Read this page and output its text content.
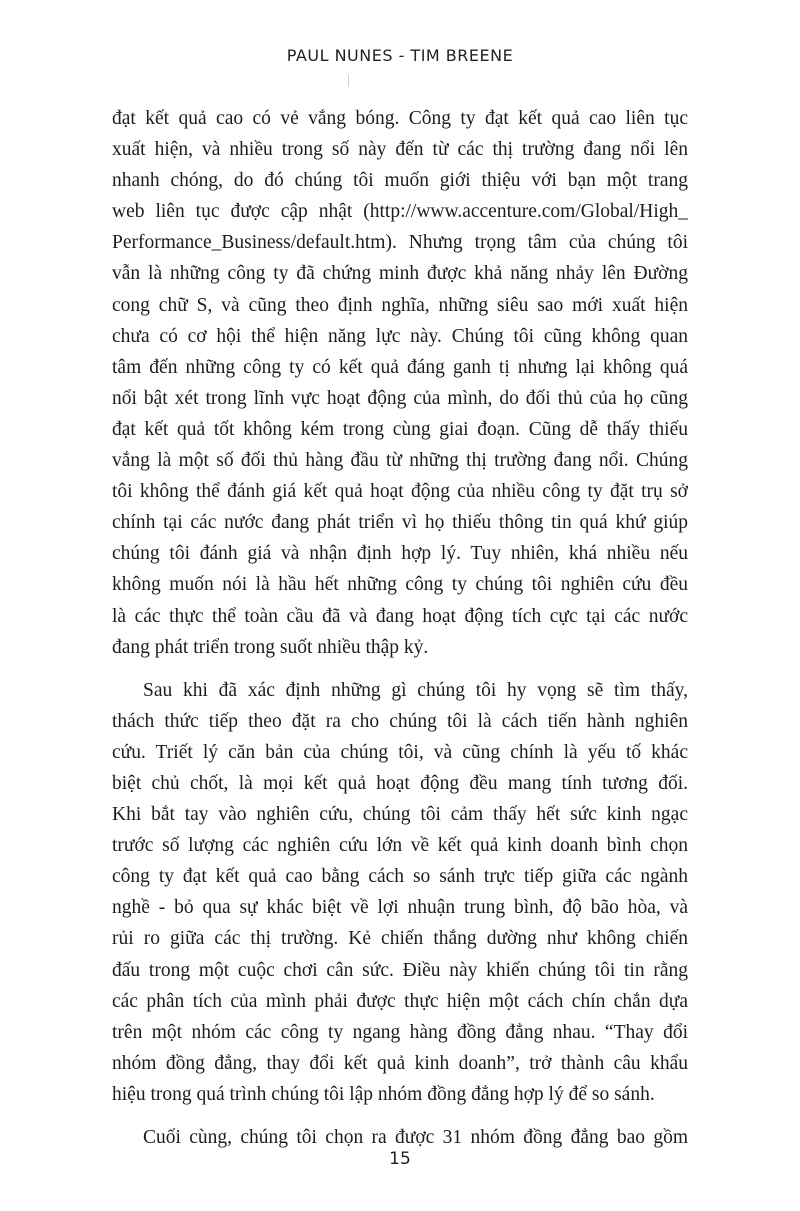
PAUL NUNES - TIM BREENE
đạt kết quả cao có vẻ vắng bóng. Công ty đạt kết quả cao liên tục
xuất hiện, và nhiều trong số này đến từ các thị trường đang nổi lên
nhanh chóng, do đó chúng tôi muốn giới thiệu với bạn một trang
web liên tục được cập nhật (http://www.accenture.com/Global/High_
Performance_Business/default.htm). Nhưng trọng tâm của chúng tôi
vẫn là những công ty đã chứng minh được khả năng nhảy lên Đường
cong chữ S, và cũng theo định nghĩa, những siêu sao mới xuất hiện
chưa có cơ hội thể hiện năng lực này. Chúng tôi cũng không quan
tâm đến những công ty có kết quả đáng ganh tị nhưng lại không quá
nổi bật xét trong lĩnh vực hoạt động của mình, do đối thủ của họ cũng
đạt kết quả tốt không kém trong cùng giai đoạn. Cũng dễ thấy thiếu
vắng là một số đối thủ hàng đầu từ những thị trường đang nổi. Chúng
tôi không thể đánh giá kết quả hoạt động của nhiều công ty đặt trụ sở
chính tại các nước đang phát triển vì họ thiếu thông tin quá khứ giúp
chúng tôi đánh giá và nhận định hợp lý. Tuy nhiên, khá nhiều nếu
không muốn nói là hầu hết những công ty chúng tôi nghiên cứu đều
là các thực thể toàn cầu đã và đang hoạt động tích cực tại các nước
đang phát triển trong suốt nhiều thập kỷ.
Sau khi đã xác định những gì chúng tôi hy vọng sẽ tìm thấy,
thách thức tiếp theo đặt ra cho chúng tôi là cách tiến hành nghiên
cứu. Triết lý căn bản của chúng tôi, và cũng chính là yếu tố khác
biệt chủ chốt, là mọi kết quả hoạt động đều mang tính tương đối.
Khi bắt tay vào nghiên cứu, chúng tôi cảm thấy hết sức kinh ngạc
trước số lượng các nghiên cứu lớn về kết quả kinh doanh bình chọn
công ty đạt kết quả cao bằng cách so sánh trực tiếp giữa các ngành
nghề - bỏ qua sự khác biệt về lợi nhuận trung bình, độ bão hòa, và
rủi ro giữa các thị trường. Kẻ chiến thắng dường như không chiến
đấu trong một cuộc chơi cân sức. Điều này khiến chúng tôi tin rằng
các phân tích của mình phải được thực hiện một cách chín chắn dựa
trên một nhóm các công ty ngang hàng đồng đẳng nhau. “Thay đổi
nhóm đồng đẳng, thay đổi kết quả kinh doanh”, trở thành câu khẩu
hiệu trong quá trình chúng tôi lập nhóm đồng đẳng hợp lý để so sánh.
Cuối cùng, chúng tôi chọn ra được 31 nhóm đồng đẳng bao gồm
15
